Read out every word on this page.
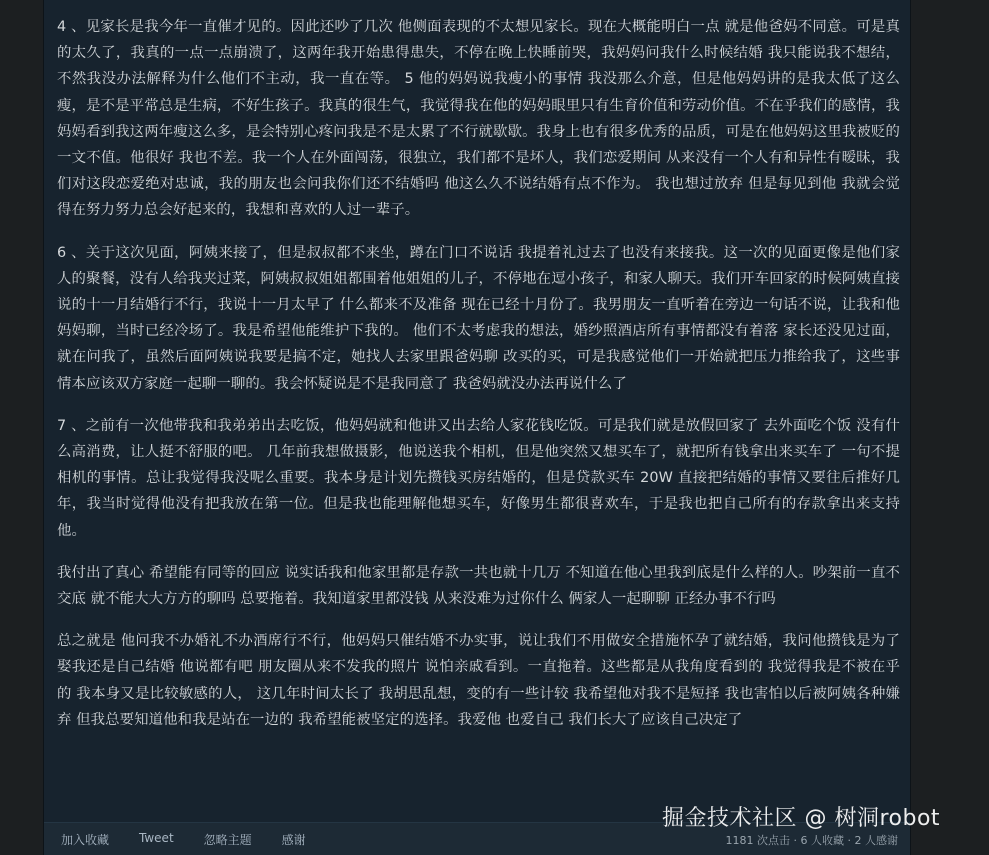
4 、见家长是我今年一直催才见的。因此还吵了几次 他侧面表现的不太想见家长。现在大概能明白一点 就是他爸妈不同意。可是真的太久了，我真的一点一点崩溃了，这两年我开始患得患失，不停在晚上快睡前哭，我妈妈问我什么时候结婚 我只能说我不想结，不然我没办法解释为什么他们不主动，我一直在等。 5 他的妈妈说我瘦小的事情 我没那么介意，但是他妈妈讲的是我太低了这么瘦，是不是平常总是生病，不好生孩子。我真的很生气，我觉得我在他的妈妈眼里只有生育价值和劳动价值。不在乎我们的感情，我妈妈看到我这两年瘦这么多，是会特别心疼问我是不是太累了不行就歇歇。我身上也有很多优秀的品质，可是在他妈妈这里我被贬的一文不值。他很好 我也不差。我一个人在外面闯荡，很独立，我们都不是坏人，我们恋爱期间 从来没有一个人有和异性有暧昧，我们对这段恋爱绝对忠诚，我的朋友也会问我你们还不结婚吗 他这么久不说结婚有点不作为。 我也想过放弃 但是每见到他 我就会觉得在努力努力总会好起来的，我想和喜欢的人过一辈子。

6 、关于这次见面，阿姨来接了，但是叔叔都不来坐，蹲在门口不说话 我提着礼过去了也没有来接我。这一次的见面更像是他们家人的聚餐，没有人给我夹过菜，阿姨叔叔姐姐都围着他姐姐的儿子，不停地在逗小孩子，和家人聊天。我们开车回家的时候阿姨直接说的十一月结婚行不行，我说十一月太早了 什么都来不及准备 现在已经十月份了。我男朋友一直听着在旁边一句话不说，让我和他妈妈聊，当时已经冷场了。我是希望他能维护下我的。 他们不太考虑我的想法，婚纱照酒店所有事情都没有着落 家长还没见过面，就在问我了，虽然后面阿姨说我要是搞不定，她找人去家里跟爸妈聊 改买的买，可是我感觉他们一开始就把压力推给我了，这些事情本应该双方家庭一起聊一聊的。我会怀疑说是不是我同意了 我爸妈就没办法再说什么了

7 、之前有一次他带我和我弟弟出去吃饭，他妈妈就和他讲又出去给人家花钱吃饭。可是我们就是放假回家了 去外面吃个饭 没有什么高消费，让人挺不舒服的吧。 几年前我想做摄影，他说送我个相机，但是他突然又想买车了，就把所有钱拿出来买车了 一句不提相机的事情。总让我觉得我没呢么重要。我本身是计划先攒钱买房结婚的，但是贷款买车 20W 直接把结婚的事情又要往后推好几年，我当时觉得他没有把我放在第一位。但是我也能理解他想买车，好像男生都很喜欢车，于是我也把自己所有的存款拿出来支持他。

我付出了真心 希望能有同等的回应 说实话我和他家里都是存款一共也就十几万 不知道在他心里我到底是什么样的人。吵架前一直不交底 就不能大大方方的聊吗 总要拖着。我知道家里都没钱 从来没难为过你什么 俩家人一起聊聊 正经办事不行吗

总之就是 他问我不办婚礼不办酒席行不行，他妈妈只催结婚不办实事，说让我们不用做安全措施怀孕了就结婚，我问他攒钱是为了娶我还是自己结婚 他说都有吧 朋友圈从来不发我的照片 说怕亲戚看到。一直拖着。这些都是从我角度看到的 我觉得我是不被在乎的 我本身又是比较敏感的人， 这几年时间太长了 我胡思乱想，变的有一些计较 我希望他对我不是短择 我也害怕以后被阿姨各种嫌弃 但我总要知道他和我是站在一边的 我希望能被坚定的选择。我爱他 也爱自己 我们长大了应该自己决定了

加入收藏	Tweet	忽略主题	感谢	1181 次点击 · 6 人收藏 · 2 人感谢
掘金技术社区 @ 树洞robot
